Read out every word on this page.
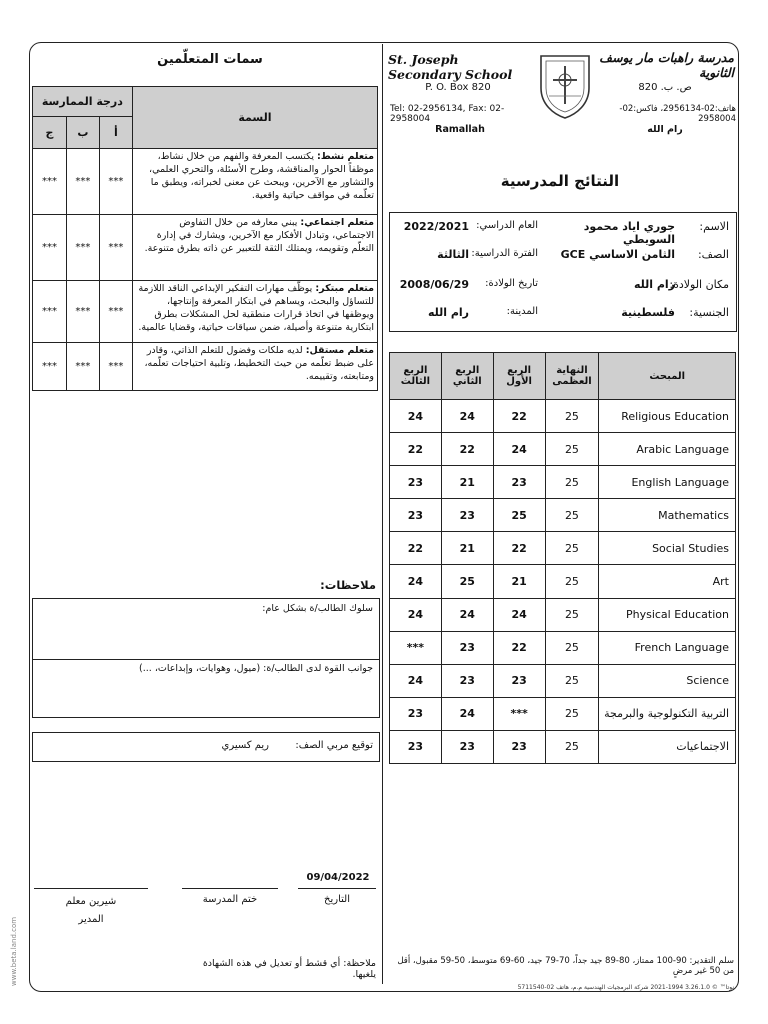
St. Joseph Secondary School
P. O. Box 820
Tel: 02-2956134, Fax: 02-2958004
Ramallah
مدرسة راهبات مار يوسف الثانوية
ص. ب. 820
هاتف:02-2956134، فاكس:02-2958004
رام الله
النتائج المدرسية
الاسم:
جوري اياد محمود السويطي
العام الدراسي:
2022/2021
الصف:
الثامن الاساسي GCE
الفترة الدراسية:
الثالثة
مكان الولادة:
رام الله
تاريخ الولادة:
2008/06/29
الجنسية:
فلسطينية
المدينة:
رام الله
الربع الثالث	الربع الثاني	الربع الأول	النهاية العظمى	المبحث
24	24	22	25	Religious Education
22	22	24	25	Arabic Language
23	21	23	25	English Language
23	23	25	25	Mathematics
22	21	22	25	Social Studies
24	25	21	25	Art
24	24	24	25	Physical Education
***	23	22	25	French Language
24	23	23	25	Science
23	24	***	25	التربية التكنولوجية والبرمجة
23	23	23	25	الاجتماعيات
سلم التقدير: 90-100 ممتاز، 80-89 جيد جداً، 70-79 جيد، 60-69 متوسط، 50-59 مقبول، أقل من 50 غير مرضٍ
نوتا™ © 3.26.1.0 1994-2021 شركة البرمجيات الهندسية م.م، هاتف 02-5711540
سمات المتعلّمين
السمة	درجة الممارسة		
	أ	ب	ج
متعلم نشط: يكتسب المعرفة والفهم من خلال نشاط، موظفاً الحوار والمناقشة، وطرح الأسئلة، والتحري العلمي، والتشاور مع الآخرين، ويبحث عن معنى لخبراته، ويطبق ما تعلّمه في مواقف حياتية واقعية.	***	***	***
متعلم اجتماعي: يبني معارفه من خلال التفاوض الاجتماعي، وتبادل الأفكار مع الآخرين، ويشارك في إدارة التعلّم وتقويمه، ويمتلك الثقة للتعبير عن ذاته بطرق متنوعة.	***	***	***
متعلم مبتكر: يوظّف مهارات التفكير الإبداعي الناقد اللازمة للتساؤل والبحث، ويساهم في ابتكار المعرفة وإنتاجها، ويوظفها في اتخاذ قرارات منطقية لحل المشكلات بطرق ابتكارية متنوعة وأصيلة، ضمن سياقات حياتية، وقضايا عالمية.	***	***	***
متعلم مستقل: لديه ملكات وفضول للتعلم الذاتي، وقادر على ضبط تعلّمه من حيث التخطيط، وتلبية احتياجات تعلّمه، ومتابعته، وتقييمه.	***	***	***
ملاحظات:
سلوك الطالب/ة بشكل عام:
جوانب القوة لدى الطالب/ة: (ميول، وهوايات، وإبداعات، ...)
توقيع مربي الصف:
ريم كسيري
09/04/2022
التاريخ
ختم المدرسة
شيرين معلم
المدير
ملاحظة: أي قشط أو تعديل في هذه الشهادة يلغيها.
www.beta.land.com
